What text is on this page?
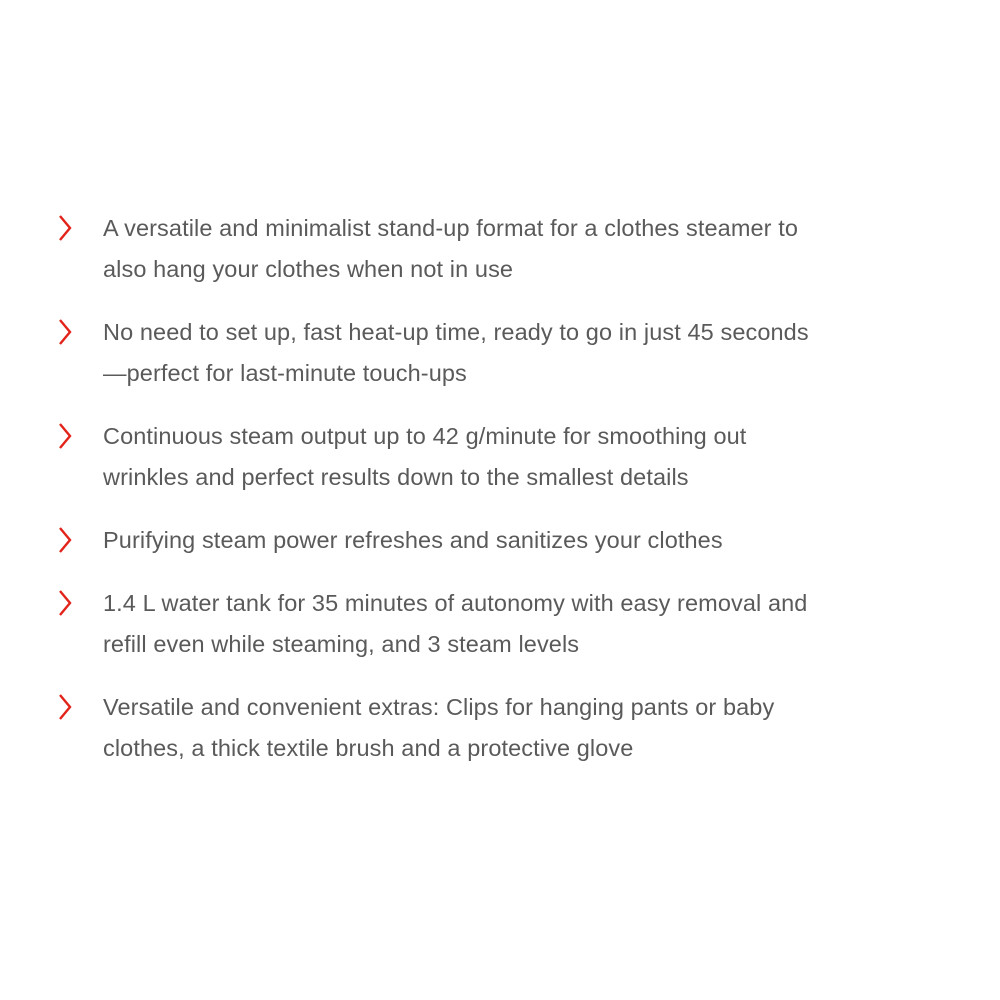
A versatile and minimalist stand-up format for a clothes steamer to
also hang your clothes when not in use
No need to set up, fast heat-up time, ready to go in just 45 seconds
—perfect for last-minute touch-ups
Continuous steam output up to 42 g/minute for smoothing out
wrinkles and perfect results down to the smallest details
Purifying steam power refreshes and sanitizes your clothes
1.4 L water tank for 35 minutes of autonomy with easy removal and
refill even while steaming, and 3 steam levels
Versatile and convenient extras: Clips for hanging pants or baby
clothes, a thick textile brush and a protective glove
